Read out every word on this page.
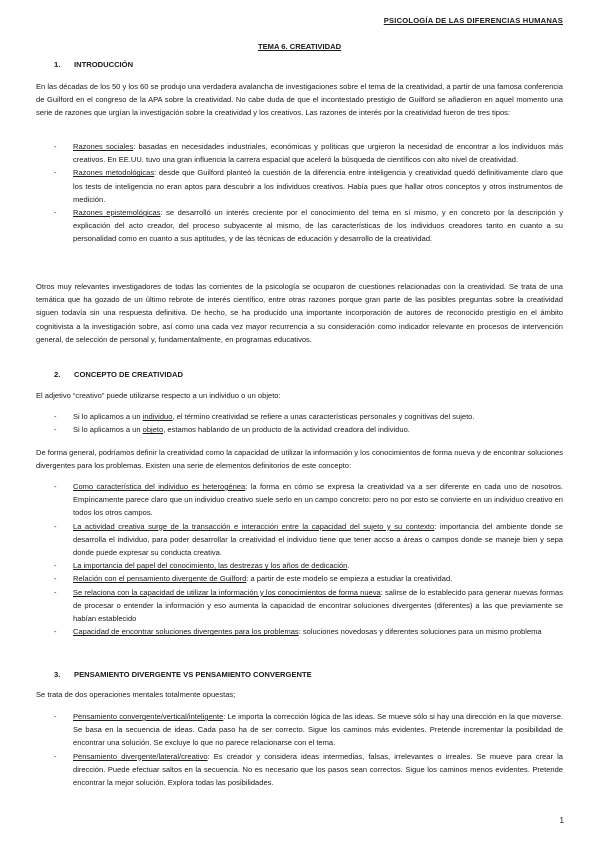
PSICOLOGÍA DE LAS DIFERENCIAS HUMANAS
TEMA 6. CREATIVIDAD
1. INTRODUCCIÓN

En las décadas de los 50 y los 60 se produjo una verdadera avalancha de investigaciones sobre el tema de la creatividad, a partir de una famosa conferencia de Guilford en el congreso de la APA sobre la creatividad. No cabe duda de que el incontestado prestigio de Guilford se añadieron en aquel momento una serie de razones que urgían la investigación sobre la creatividad y los creativos. Las razones de interés por la creatividad fueron de tres tipos:

- Razones sociales: basadas en necesidades industriales, económicas y políticas que urgieron la necesidad de encontrar a los individuos más creativos. En EE.UU. tuvo una gran influencia la carrera espacial que aceleró la búsqueda de científicos con alto nivel de creatividad.
- Razones metodológicas: desde que Guilford planteó la cuestión de la diferencia entre inteligencia y creatividad quedó definitivamente claro que los tests de inteligencia no eran aptos para descubrir a los individuos creativos. Había pues que hallar otros conceptos y otros instrumentos de medición.
- Razones epistemológicas: se desarrolló un interés creciente por el conocimiento del tema en sí mismo, y en concreto por la descripción y explicación del acto creador, del proceso subyacente al mismo, de las características de los individuos creadores tanto en cuanto a su personalidad como en cuanto a sus aptitudes, y de las técnicas de educación y desarrollo de la creatividad.

Otros muy relevantes investigadores de todas las corrientes de la psicología se ocuparon de cuestiones relacionadas con la creatividad. Se trata de una temática que ha gozado de un último rebrote de interés científico, entre otras razones porque gran parte de las posibles preguntas sobre la creatividad siguen todavía sin una respuesta definitiva. De hecho, se ha producido una importante incorporación de autores de reconocido prestigio en el ámbito cognitivista a la investigación sobre, así como una cada vez mayor recurrencia a su consideración como indicador relevante en procesos de intervención general, de selección de personal y, fundamentalmente, en programas educativos.

2. CONCEPTO DE CREATIVIDAD

El adjetivo “creativo” puede utilizarse respecto a un individuo o un objeto:

- Si lo aplicamos a un individuo, el término creatividad se refiere a unas características personales y cognitivas del sujeto.
- Si lo aplicamos a un objeto, estamos hablando de un producto de la actividad creadora del individuo.

De forma general, podríamos definir la creatividad como la capacidad de utilizar la información y los conocimientos de forma nueva y de encontrar soluciones divergentes para los problemas. Existen una serie de elementos definitorios de este concepto:

- Como característica del individuo es heterogénea: la forma en cómo se expresa la creatividad va a ser diferente en cada uno de nosotros. Empíricamente parece claro que un individuo creativo suele serlo en un campo concreto: pero no por esto se convierte en un individuo creativo en todos los otros campos.
- La actividad creativa surge de la transacción e interacción entre la capacidad del sujeto y su contexto: importancia del ambiente donde se desarrolla el individuo, para poder desarrollar la creatividad el individuo tiene que tener accso a áreas o campos donde se maneje bien y sepa donde puede expresar su conducta creativa.
- La importancia del papel del conocimiento, las destrezas y los años de dedicación.
- Relación con el pensamiento divergente de Guilford: a partir de este modelo se empieza a estudiar la creatividad.
- Se relaciona con la capacidad de utilizar la información y los conocimientos de forma nueva: salirse de lo establecido para generar nuevas formas de procesar o entender la información y eso aumenta la capacidad de encontrar soluciones divergentes (diferentes) a las que previamente se habían establecido
- Capacidad de encontrar soluciones divergentes para los problemas: soluciones novedosas y diferentes soluciones para un mismo problema
3. PENSAMIENTO DIVERGENTE VS PENSAMIENTO CONVERGENTE

Se trata de dos operaciones mentales totalmente opuestas;

- Pensamiento convergente/vertical/inteligente: Le importa la corrección lógica de las ideas. Se mueve sólo si hay una dirección en la que moverse. Se basa en la secuencia de ideas. Cada paso ha de ser correcto. Sigue los caminos más evidentes. Pretende incrementar la posibilidad de encontrar una solución. Se excluye lo que no parece relacionarse con el tema.
- Pensamiento divergente/lateral/creativo: Es creador y considera ideas intermedias, falsas, irrelevantes o irreales. Se mueve para crear la dirección. Puede efectuar saltos en la secuencia. No es necesario que los pasos sean correctos. Sigue los caminos menos evidentes. Pretende encontrar la mejor solución. Explora todas las posibilidades.
1
